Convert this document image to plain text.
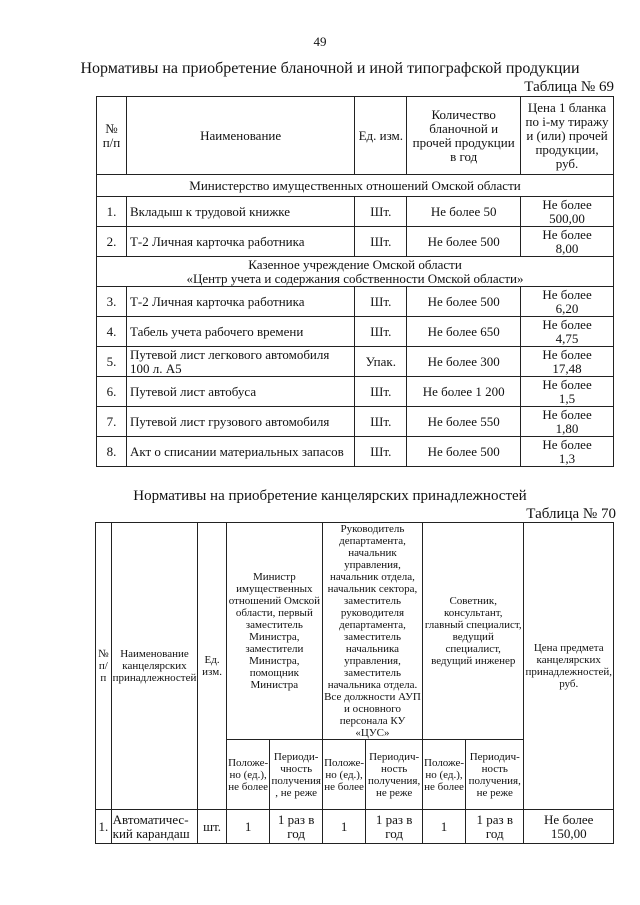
49
Нормативы на приобретение бланочной и иной типографской продукции
Таблица № 69
№ п/п	Наименование	Ед. изм.	Количество бланочной и прочей продукции в год	Цена 1 бланка по i-му тиражу и (или) прочей продукции, руб.
Министерство имущественных отношений Омской области				
1.	Вкладыш к трудовой книжке	Шт.	Не более 50	Не более
500,00

2.	Т-2 Личная карточка работника	Шт.	Не более 500	Не более
8,00

Казенное учреждение Омской области
«Центр учета и содержания собственности Омской области»				

3.	Т-2 Личная карточка работника	Шт.	Не более 500	Не более
6,20

4.	Табель учета рабочего времени	Шт.	Не более 650	Не более
4,75

5.	Путевой лист легкового автомобиля 100 л. А5	Упак.	Не более 300	Не более
17,48

6.	Путевой лист автобуса	Шт.	Не более 1 200	Не более
1,5

7.	Путевой лист грузового автомобиля	Шт.	Не более 550	Не более
1,80

8.	Акт о списании материальных запасов	Шт.	Не более 500	Не более
1,3
Нормативы на приобретение канцелярских принадлежностей
Таблица № 70
№ п/п	Наименование канцелярских принадлежностей	Ед. изм.	Министр имущественных отношений Омской области, первый заместитель Министра, заместители Министра, помощник Министра		Руководитель департамента, начальник управления, начальник отдела, начальник сектора, заместитель руководителя департамента, заместитель начальника управления, заместитель начальника отдела. Все должности АУП и основного персонала КУ «ЦУС»		Советник, консультант, главный специалист, ведущий специалист, ведущий инженер		Цена предмета канцелярских принадлежностей, руб.
			Положе-но (ед.), не более	Периоди-чность получения , не реже	Положе-но (ед.), не более	Периодич-ность получения, не реже	Положе-но (ед.), не более	Периодич-ность получения, не реже	
1.	Автоматичес-кий карандаш	шт.	1	1 раз в год	1	1 раз в год	1	1 раз в год	Не более
150,00
